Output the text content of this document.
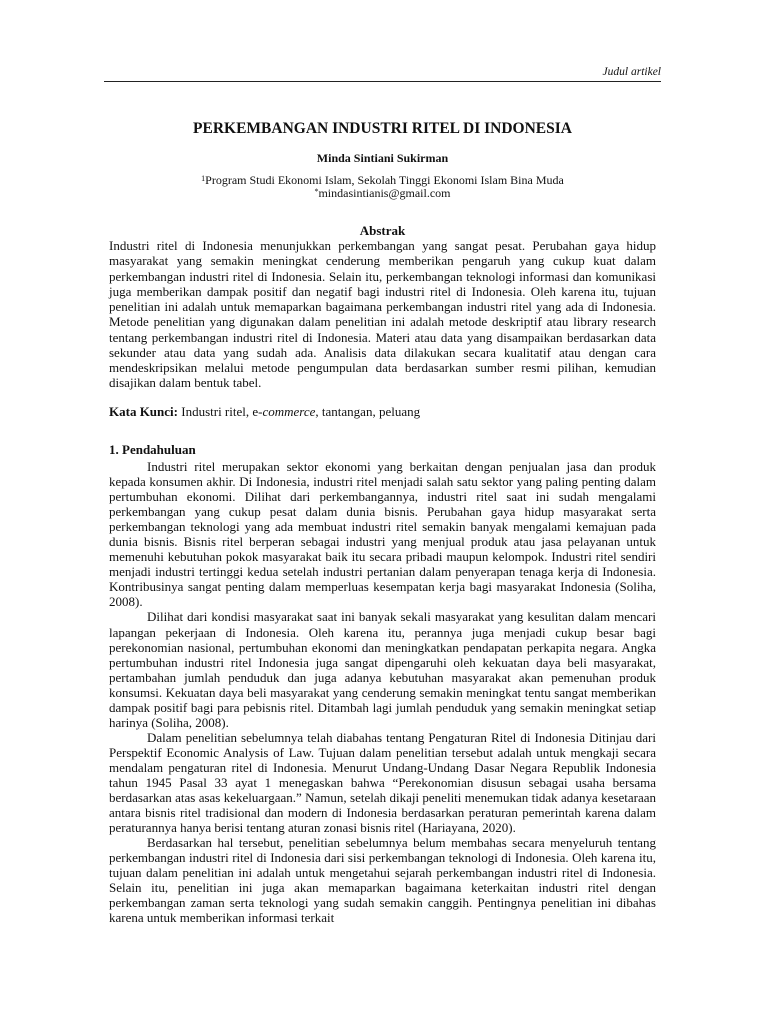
Judul artikel
PERKEMBANGAN INDUSTRI RITEL DI INDONESIA

Minda Sintiani Sukirman

$^1$Program Studi Ekonomi Islam, Sekolah Tinggi Ekonomi Islam Bina Muda

*mindasintianis@gmail.com

Abstrak

Industri ritel di Indonesia menunjukkan perkembangan yang sangat pesat. Perubahan gaya hidup masyarakat yang semakin meningkat cenderung memberikan pengaruh yang cukup kuat dalam perkembangan industri ritel di Indonesia. Selain itu, perkembangan teknologi informasi dan komunikasi juga memberikan dampak positif dan negatif bagi industri ritel di Indonesia. Oleh karena itu, tujuan penelitian ini adalah untuk memaparkan bagaimana perkembangan industri ritel yang ada di Indonesia. Metode penelitian yang digunakan dalam penelitian ini adalah metode deskriptif atau library research tentang perkembangan industri ritel di Indonesia. Materi atau data yang disampaikan berdasarkan data sekunder atau data yang sudah ada. Analisis data dilakukan secara kualitatif atau dengan cara mendeskripsikan melalui metode pengumpulan data berdasarkan sumber resmi pilihan, kemudian disajikan dalam bentuk tabel.

Kata Kunci: Industri ritel, e-commerce, tantangan, peluang

1. Pendahuluan

Industri ritel merupakan sektor ekonomi yang berkaitan dengan penjualan jasa dan produk kepada konsumen akhir. Di Indonesia, industri ritel menjadi salah satu sektor yang paling penting dalam pertumbuhan ekonomi. Dilihat dari perkembangannya, industri ritel saat ini sudah mengalami perkembangan yang cukup pesat dalam dunia bisnis. Perubahan gaya hidup masyarakat serta perkembangan teknologi yang ada membuat industri ritel semakin banyak mengalami kemajuan pada dunia bisnis. Bisnis ritel berperan sebagai industri yang menjual produk atau jasa pelayanan untuk memenuhi kebutuhan pokok masyarakat baik itu secara pribadi maupun kelompok. Industri ritel sendiri menjadi industri tertinggi kedua setelah industri pertanian dalam penyerapan tenaga kerja di Indonesia. Kontribusinya sangat penting dalam memperluas kesempatan kerja bagi masyarakat Indonesia (Soliha, 2008).

Dilihat dari kondisi masyarakat saat ini banyak sekali masyarakat yang kesulitan dalam mencari lapangan pekerjaan di Indonesia. Oleh karena itu, perannya juga menjadi cukup besar bagi perekonomian nasional, pertumbuhan ekonomi dan meningkatkan pendapatan perkapita negara. Angka pertumbuhan industri ritel Indonesia juga sangat dipengaruhi oleh kekuatan daya beli masyarakat, pertambahan jumlah penduduk dan juga adanya kebutuhan masyarakat akan pemenuhan produk konsumsi. Kekuatan daya beli masyarakat yang cenderung semakin meningkat tentu sangat memberikan dampak positif bagi para pebisnis ritel. Ditambah lagi jumlah penduduk yang semakin meningkat setiap harinya (Soliha, 2008).

Dalam penelitian sebelumnya telah diabahas tentang Pengaturan Ritel di Indonesia Ditinjau dari Perspektif Economic Analysis of Law. Tujuan dalam penelitian tersebut adalah untuk mengkaji secara mendalam pengaturan ritel di Indonesia. Menurut Undang-Undang Dasar Negara Republik Indonesia tahun 1945 Pasal 33 ayat 1 menegaskan bahwa “Perekonomian disusun sebagai usaha bersama berdasarkan atas asas kekeluargaan.” Namun, setelah dikaji peneliti menemukan tidak adanya kesetaraan antara bisnis ritel tradisional dan modern di Indonesia berdasarkan peraturan pemerintah karena dalam peraturannya hanya berisi tentang aturan zonasi bisnis ritel (Hariayana, 2020).

Berdasarkan hal tersebut, penelitian sebelumnya belum membahas secara menyeluruh tentang perkembangan industri ritel di Indonesia dari sisi perkembangan teknologi di Indonesia. Oleh karena itu, tujuan dalam penelitian ini adalah untuk mengetahui sejarah perkembangan industri ritel di Indonesia. Selain itu, penelitian ini juga akan memaparkan bagaimana keterkaitan industri ritel dengan perkembangan zaman serta teknologi yang sudah semakin canggih. Pentingnya penelitian ini dibahas karena untuk memberikan informasi terkait
